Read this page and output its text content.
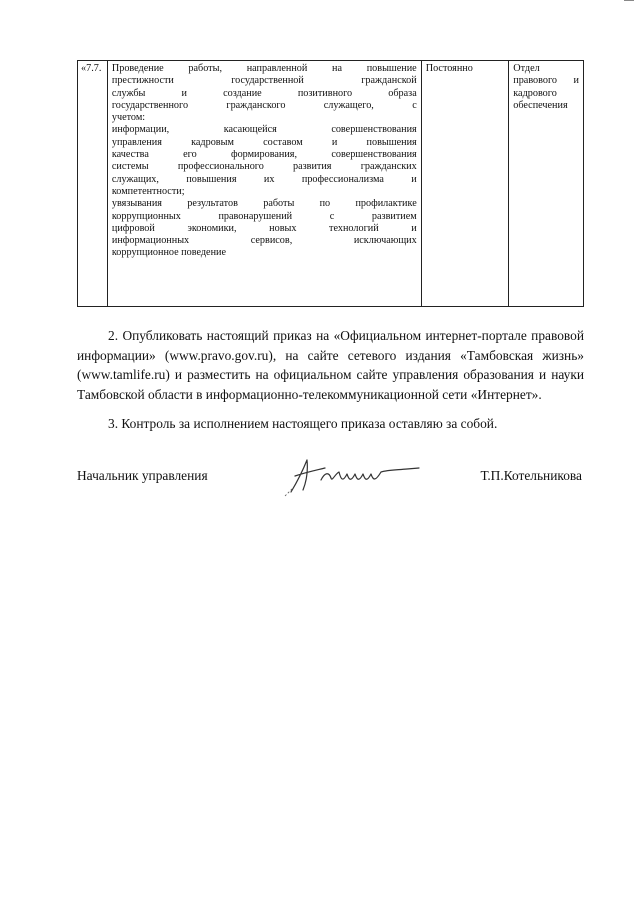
«7.7.	Проведение работы, направленной на повышение
престижности государственной гражданской
службы и создание позитивного образа
государственного гражданского служащего, с
учетом:
информации, касающейся совершенствования
управления кадровым составом и повышения
качества его формирования, совершенствования
системы профессионального развития гражданских
служащих, повышения их профессионализма и
компетентности;
увязывания результатов работы по профилактике
коррупционных правонарушений с развитием
цифровой экономики, новых технологий и
информационных сервисов, исключающих
коррупционное поведение
	Постоянно	Отдел
правового и
кадрового
обеспечения
2. Опубликовать настоящий приказ на «Официальном интернет-портале правовой информации» (www.pravo.gov.ru), на сайте сетевого издания «Тамбовская жизнь» (www.tamlife.ru) и разместить на официальном сайте управления образования и науки Тамбовской области в информационно-телекоммуникационной сети «Интернет».
3. Контроль за исполнением настоящего приказа оставляю за собой.
Начальник управления	Т.П.Котельникова
